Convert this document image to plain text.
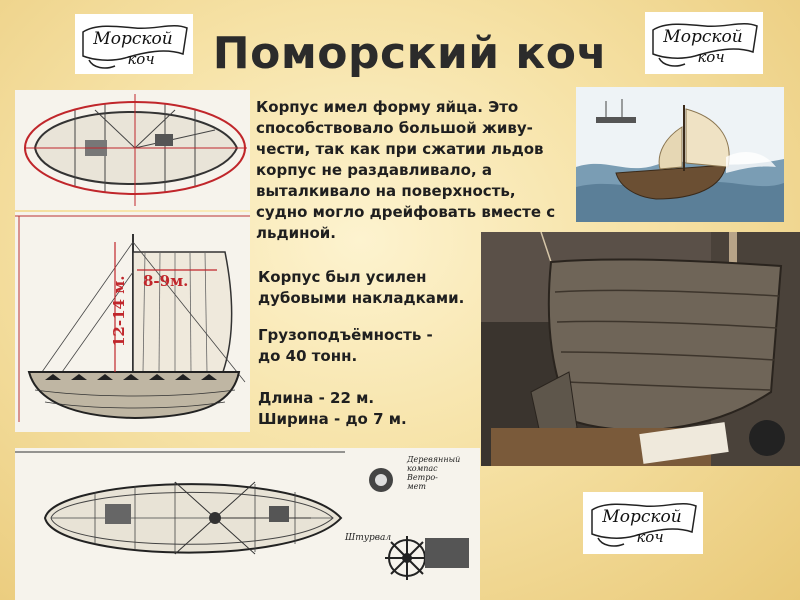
Поморский коч
Морской
коч
Морской
коч
Морской
коч
12-14 м. 8-9м.
Деревянный компас Ветро-мет
Штурвал

Корпус имел форму яйца. Это
способствовало большой живу-
чести, так как при сжатии льдов
корпус не раздавливало, а
выталкивало на поверхность,
судно могло дрейфовать вместе с
льдиной.

Корпус был усилен
дубовыми накладками.

Грузоподъёмность -
до 40 тонн.

Длина - 22 м.

Ширина - до 7 м.
